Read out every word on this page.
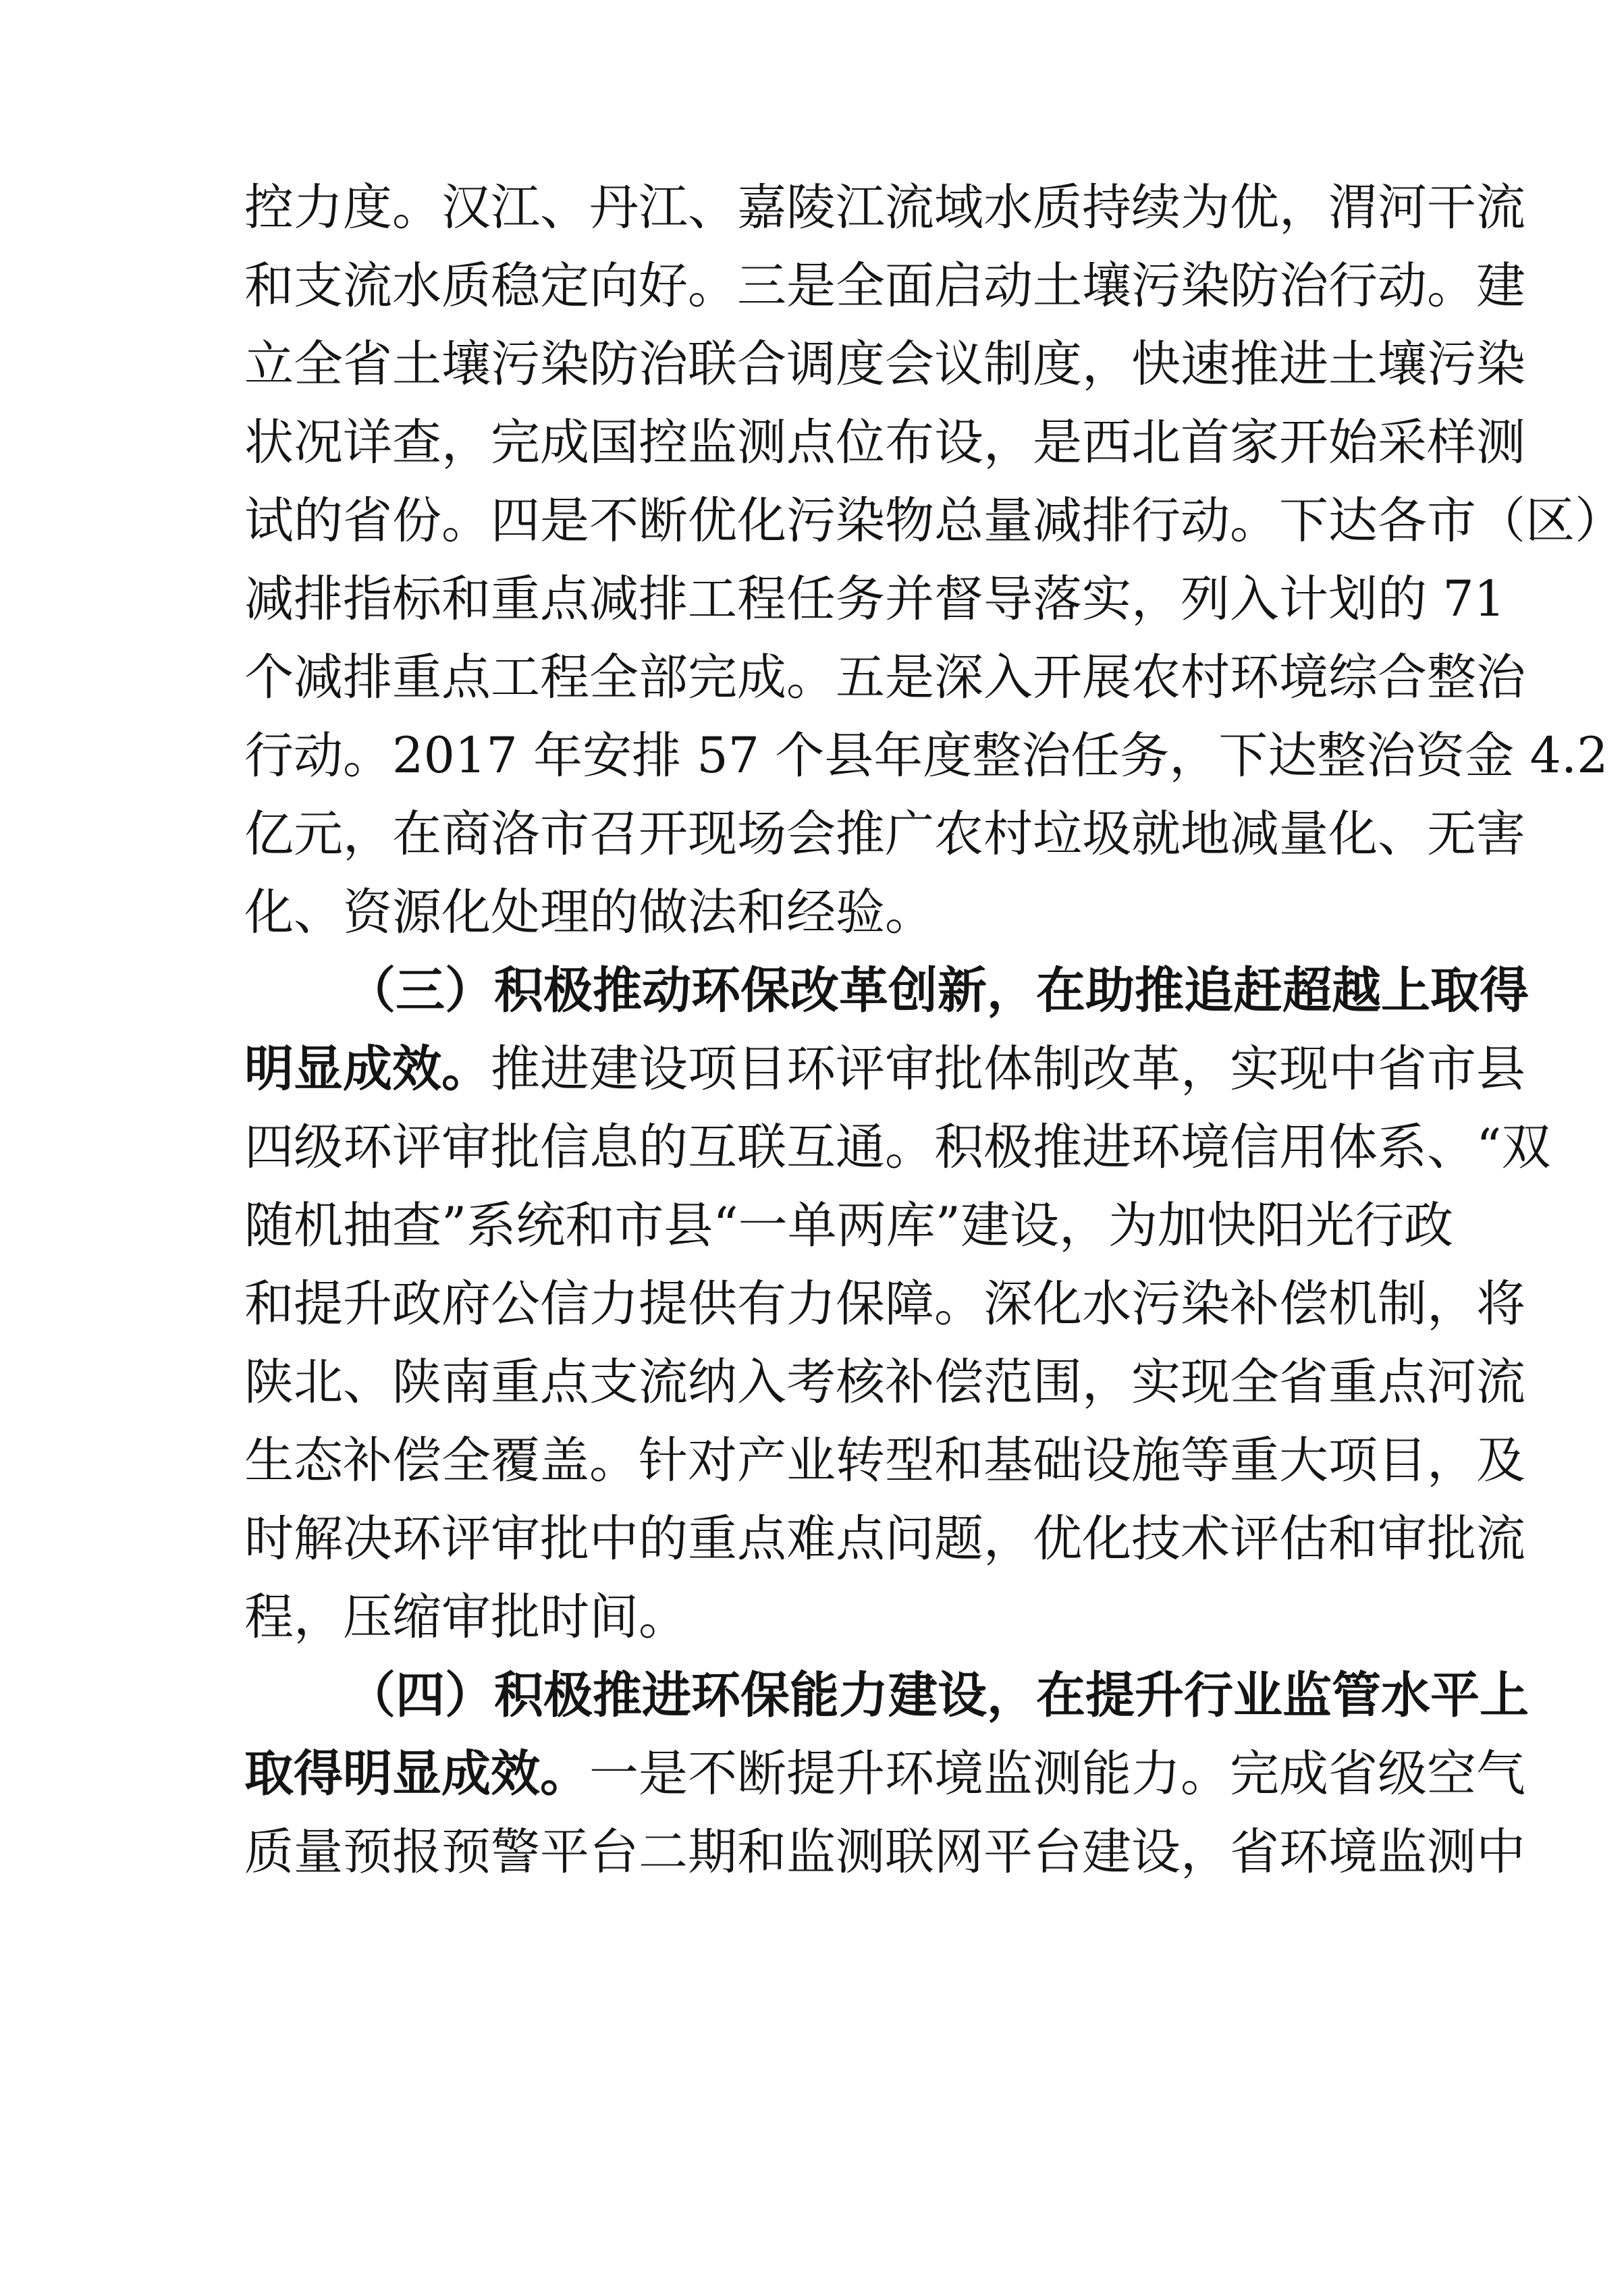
控力度。汉江、丹江、嘉陵江流域水质持续为优，渭河干流
和支流水质稳定向好。三是全面启动土壤污染防治行动。建
立全省土壤污染防治联合调度会议制度，快速推进土壤污染
状况详查，完成国控监测点位布设，是西北首家开始采样测
试的省份。四是不断优化污染物总量减排行动。下达各市（区）
减排指标和重点减排工程任务并督导落实，列入计划的 71
个减排重点工程全部完成。五是深入开展农村环境综合整治
行动。2017 年安排 57 个县年度整治任务，下达整治资金 4.2
亿元，在商洛市召开现场会推广农村垃圾就地减量化、无害
化、资源化处理的做法和经验。
（三）积极推动环保改革创新，在助推追赶超越上取得
明显成效。推进建设项目环评审批体制改革，实现中省市县
四级环评审批信息的互联互通。积极推进环境信用体系、“双
随机抽查”系统和市县“一单两库”建设，为加快阳光行政
和提升政府公信力提供有力保障。深化水污染补偿机制，将
陕北、陕南重点支流纳入考核补偿范围，实现全省重点河流
生态补偿全覆盖。针对产业转型和基础设施等重大项目，及
时解决环评审批中的重点难点问题，优化技术评估和审批流
程，压缩审批时间。
（四）积极推进环保能力建设，在提升行业监管水平上
取得明显成效。一是不断提升环境监测能力。完成省级空气
质量预报预警平台二期和监测联网平台建设，省环境监测中
